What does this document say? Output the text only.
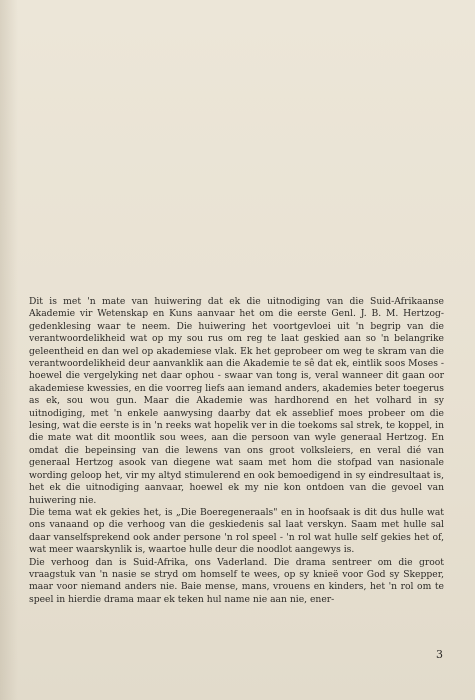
Dit is met 'n mate van huiwering dat ek die uitnodiging van die Suid-Afrikaanse Akademie vir Wetenskap en Kuns aanvaar het om die eerste Genl. J. B. M. Hertzog-gedenklesing waar te neem. Die huiwering het voortgevloei uit 'n begrip van die verantwoordelikheid wat op my sou rus om reg te laat geskied aan so 'n belangrike geleentheid en dan wel op akademiese vlak. Ek het geprobeer om weg te skram van die verantwoordelikheid deur aanvanklik aan die Akademie te sê dat ek, eintlik soos Moses - hoewel die vergelyking net daar ophou - swaar van tong is, veral wanneer dit gaan oor akademiese kwessies, en die voorreg liefs aan iemand anders, akademies beter toegerus as ek, sou wou gun. Maar die Akademie was hardhorend en het volhard in sy uitnodiging, met 'n enkele aanwysing daarby dat ek asseblief moes probeer om die lesing, wat die eerste is in 'n reeks wat hopelik ver in die toekoms sal strek, te koppel, in die mate wat dit moontlik sou wees, aan die persoon van wyle generaal Hertzog. En omdat die bepeinsing van die lewens van ons groot volksleiers, en veral dié van generaal Hertzog asook van diegene wat saam met hom die stofpad van nasionale wording geloop het, vir my altyd stimulerend en ook bemoedigend in sy eindresultaat is, het ek die uitnodiging aanvaar, hoewel ek my nie kon ontdoen van die gevoel van huiwering nie.

Die tema wat ek gekies het, is „Die Boeregeneraals" en in hoofsaak is dit dus hulle wat ons vanaand op die verhoog van die geskiedenis sal laat verskyn. Saam met hulle sal daar vanselfsprekend ook ander persone 'n rol speel - 'n rol wat hulle self gekies het of, wat meer waarskynlik is, waartoe hulle deur die noodlot aangewys is.

Die verhoog dan is Suid-Afrika, ons Vaderland. Die drama sentreer om die groot vraagstuk van 'n nasie se stryd om homself te wees, op sy knieë voor God sy Skepper, maar voor niemand anders nie. Baie mense, mans, vrouens en kinders, het 'n rol om te speel in hierdie drama maar ek teken hul name nie aan nie, ener-

3
